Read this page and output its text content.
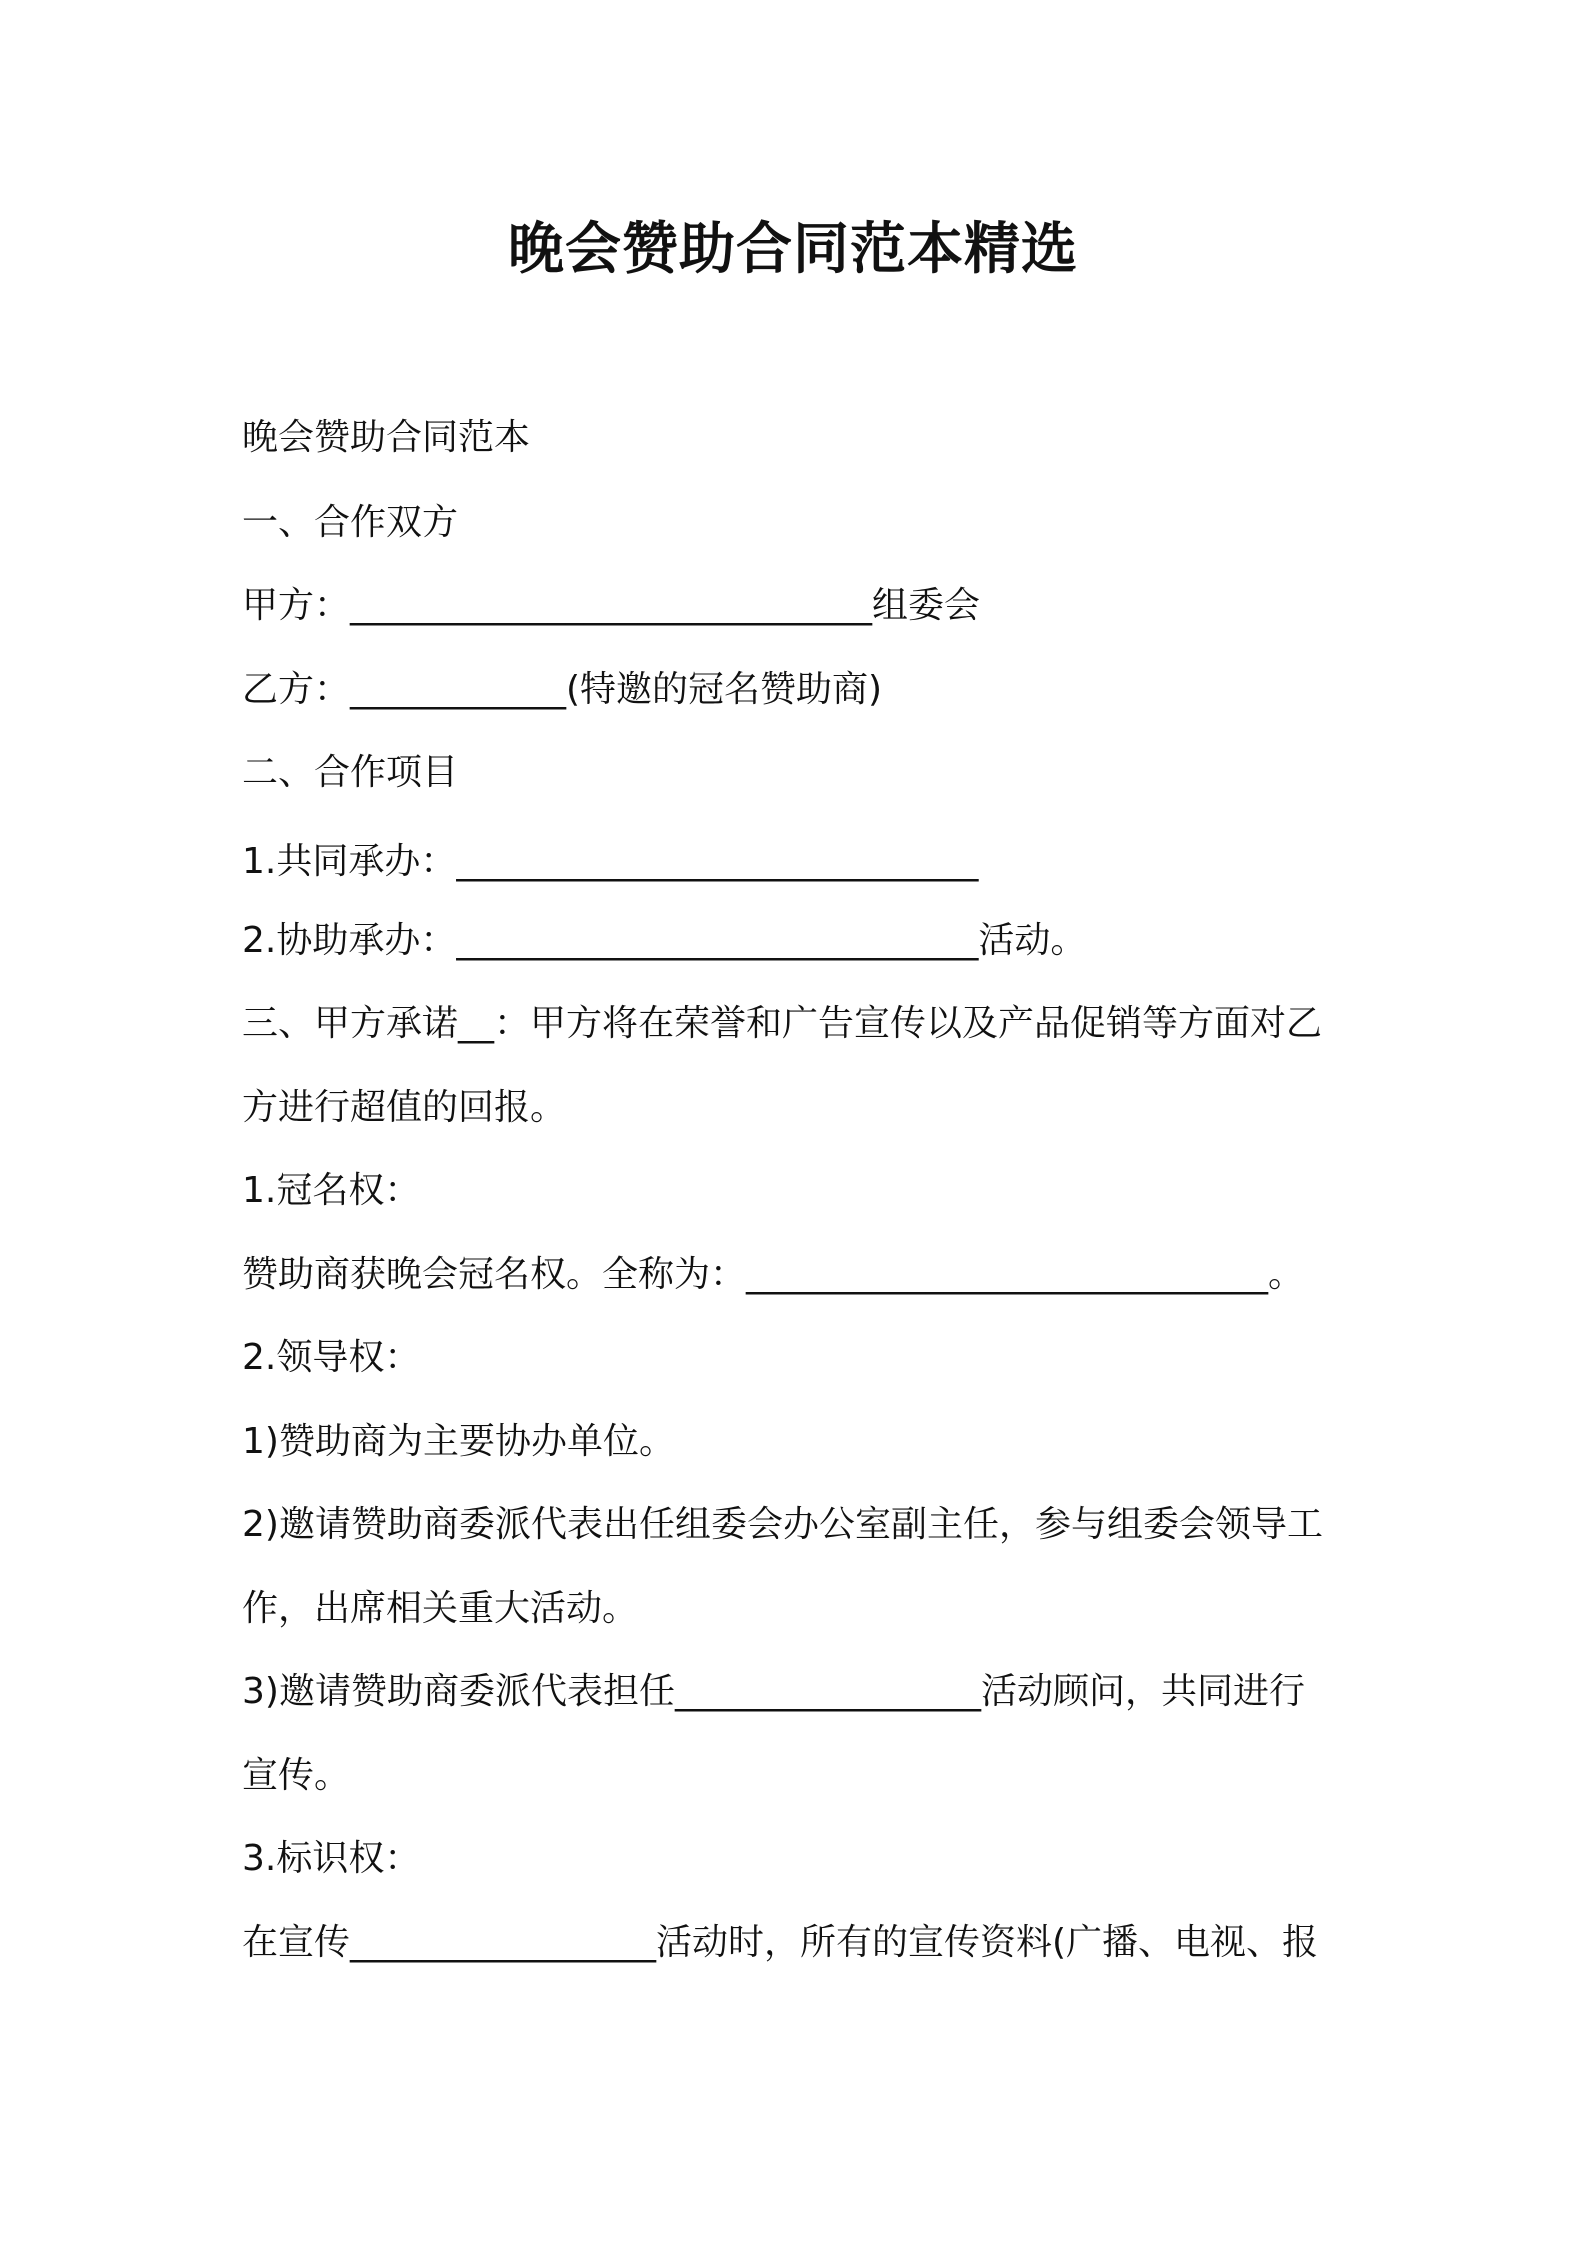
晚会赞助合同范本精选
晚会赞助合同范本
一、合作双方
甲方：_____________________________组委会
乙方：____________(特邀的冠名赞助商)
二、合作项目
1.共同承办：_____________________________
2.协助承办：_____________________________活动。
三、甲方承诺__：甲方将在荣誉和广告宣传以及产品促销等方面对乙
方进行超值的回报。
1.冠名权：
赞助商获晚会冠名权。全称为：_____________________________。
2.领导权：
1)赞助商为主要协办单位。
2)邀请赞助商委派代表出任组委会办公室副主任，参与组委会领导工
作，出席相关重大活动。
3)邀请赞助商委派代表担任_________________活动顾问，共同进行
宣传。
3.标识权：
在宣传_________________活动时，所有的宣传资料(广播、电视、报
